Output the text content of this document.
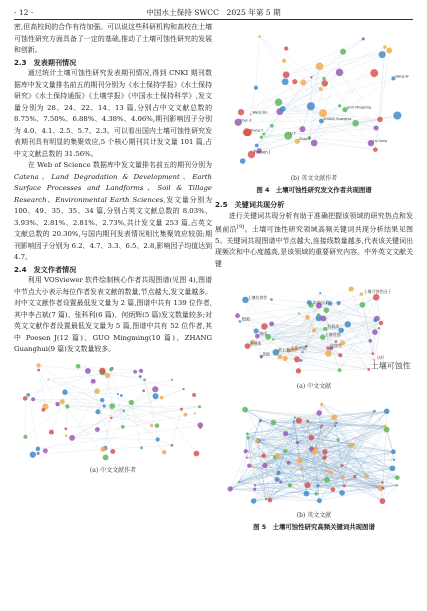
· 12 ·	中国水土保持 SWCC　2025 年第 5 期

密,但高校间的合作有待加强。可以说这些科研机构和高校在土壤可蚀性研究方面具备了一定的基础,推动了土壤可蚀性研究的发展和创新。

2.3　发表期刊情况

通过统计土壤可蚀性研究发表期刊情况,得到 CNKI 期刊数据库中发文量排名前五的期刊分别为《水土保持学报》《水土保持研究》《水土保持通报》《土壤学报》《中国水土保持科学》,发文量分别为 28、24、22、14、13 篇,分别占中文文献总数的 8.75%、7.50%、6.88%、4.38%、4.06%,期刊影响因子分别为 4.0、4.1、2.5、5.7、2.3。可以看出国内土壤可蚀性研究发表期刊具有明显的集聚效应,5 个核心期刊共计发文量 101 篇,占中文文献总数的 31.56%。

在 Web of Science 数据库中发文量排名前五的期刊分别为 Catena、Land Degradation & Development、Earth Surface Processes and Landforms、Soil & Tillage Research、Environmental Earth Sciences,发文量分别为 100、49、35、35、34 篇,分别占英文文献总数的 8.03%、3.93%、2.81%、2.81%、2.73%,共计发文量 253 篇,占英文文献总数的 20.30%,与国内期刊发表情况相比集聚效应较弱;期刊影响因子分别为 6.2、4.7、3.3、6.5、2.8,影响因子均值达到 4.7。

2.4　发文作者情况

利用 VOSviewer 软件绘制核心作者共现图谱(见图 4),图谱中节点大小表示每位作者发表文献的数量,节点越大,发文量越多。对中文文献作者设置最低发文量为 2 篇,图谱中共有 139 位作者,其中李占斌(7 篇)、张科利(6 篇)、何炳辉(5 篇)发文数量较多;对英文文献作者设置最低发文量为 5 篇,图谱中共有 52 位作者,其中 Poesen J(12 篇)、GUO Mingming(10 篇)、ZHANG Guanghui(9 篇)发文数量较多。

(a) 中文文献作者
Poesen J
GUO Mingming
ZHANG Guanghui
Wang Bin
Liu Gang
Zhang Y
Li Y
Wang W
Zhao Y
Chen X
(b) 英文文献作者
图 4　土壤可蚀性研究发文作者共现图谱
2.5　关键词共现分析

进行关键词共现分析有助于准确把握该领域的研究热点和发展前沿[9]。土壤可蚀性研究领域高频关键词共现分析结果见图 5。关键词共现图谱中节点越大,连接线数量越多,代表该关键词出现频次和中心度越高,是该领域的重要研究内容。中外英文文献关键

土壤可蚀性
土壤侵蚀
土壤抗蚀性
土壤可蚀性因子
K值
侵蚀性
影响因素
黄土高原
土地利用
降雨
团聚体
有机质
植被
分形
(a) 中文文献
(b) 英文文献
图 5　土壤可蚀性研究高频关键词共现图谱
